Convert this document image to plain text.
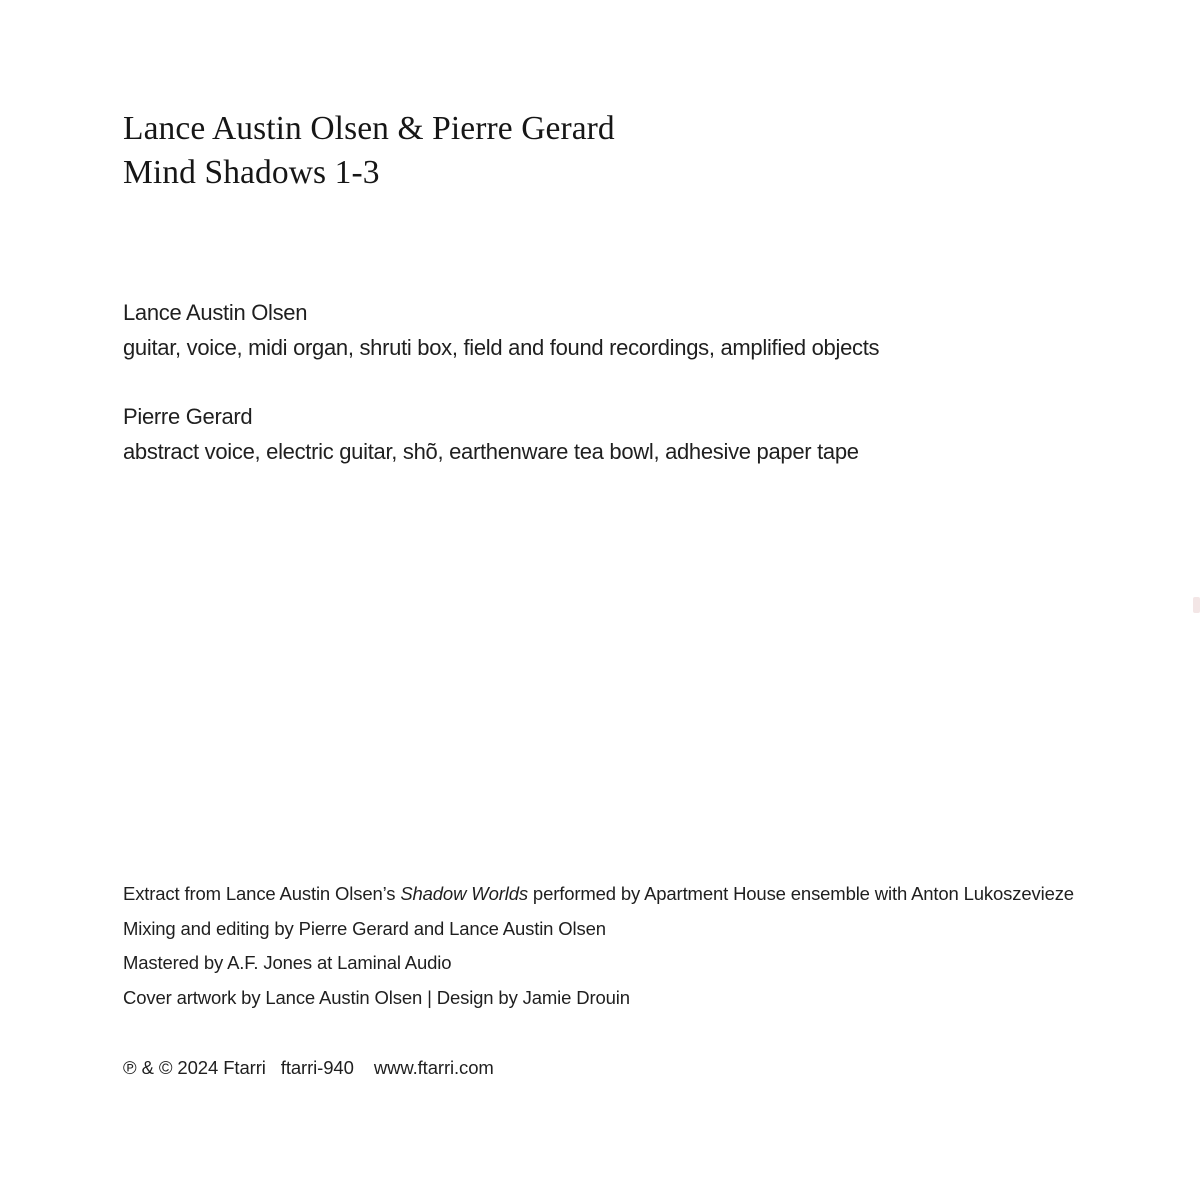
Lance Austin Olsen & Pierre Gerard
Mind Shadows 1-3
Lance Austin Olsen
guitar, voice, midi organ, shruti box, field and found recordings, amplified objects
Pierre Gerard
abstract voice, electric guitar, shõ, earthenware tea bowl, adhesive paper tape
Extract from Lance Austin Olsen’s Shadow Worlds performed by Apartment House ensemble with Anton Lukoszevieze
Mixing and editing by Pierre Gerard and Lance Austin Olsen
Mastered by A.F. Jones at Laminal Audio
Cover artwork by Lance Austin Olsen | Design by Jamie Drouin
℗ & © 2024 Ftarri ftarri-940 www.ftarri.com
